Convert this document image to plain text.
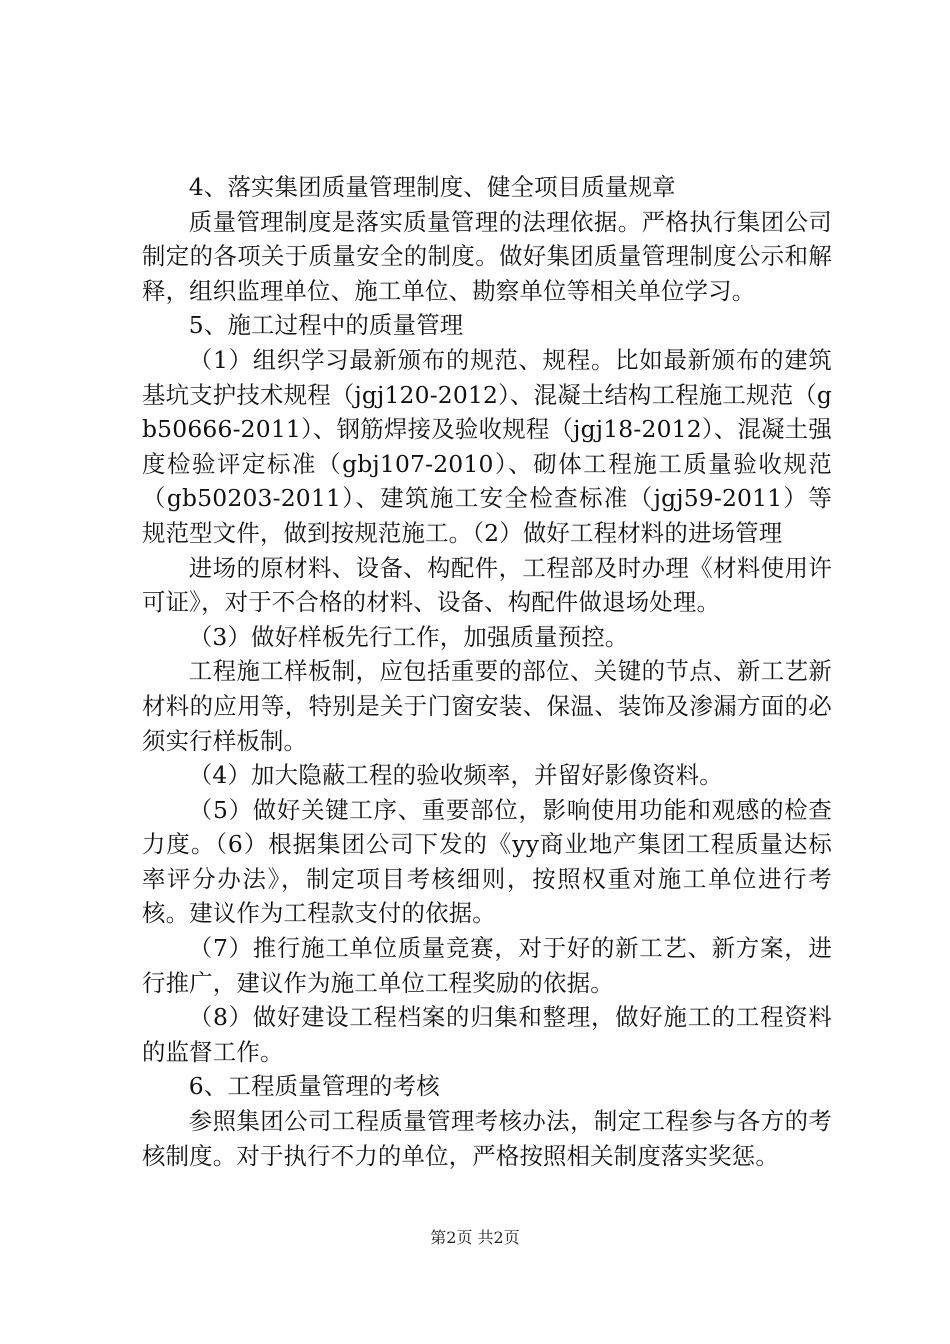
4、落实集团质量管理制度、健全项目质量规章

质量管理制度是落实质量管理的法理依据。严格执行集团公司制定的各项关于质量安全的制度。做好集团质量管理制度公示和解释，组织监理单位、施工单位、勘察单位等相关单位学习。

5、施工过程中的质量管理

（1）组织学习最新颁布的规范、规程。比如最新颁布的建筑基坑支护技术规程（jgj120-2012）、混凝土结构工程施工规范（gb50666-2011）、钢筋焊接及验收规程（jgj18-2012）、混凝土强度检验评定标准（gbj107-2010）、砌体工程施工质量验收规范（gb50203-2011）、建筑施工安全检查标准（jgj59-2011）等规范型文件，做到按规范施工。（2）做好工程材料的进场管理

进场的原材料、设备、构配件，工程部及时办理《材料使用许可证》，对于不合格的材料、设备、构配件做退场处理。

（3）做好样板先行工作，加强质量预控。

工程施工样板制，应包括重要的部位、关键的节点、新工艺新材料的应用等，特别是关于门窗安装、保温、装饰及渗漏方面的必须实行样板制。

（4）加大隐蔽工程的验收频率，并留好影像资料。

（5）做好关键工序、重要部位，影响使用功能和观感的检查力度。（6）根据集团公司下发的《yy商业地产集团工程质量达标率评分办法》，制定项目考核细则，按照权重对施工单位进行考核。建议作为工程款支付的依据。

（7）推行施工单位质量竞赛，对于好的新工艺、新方案，进行推广，建议作为施工单位工程奖励的依据。

（8）做好建设工程档案的归集和整理，做好施工的工程资料的监督工作。

6、工程质量管理的考核

参照集团公司工程质量管理考核办法，制定工程参与各方的考核制度。对于执行不力的单位，严格按照相关制度落实奖惩。

第2页 共2页
